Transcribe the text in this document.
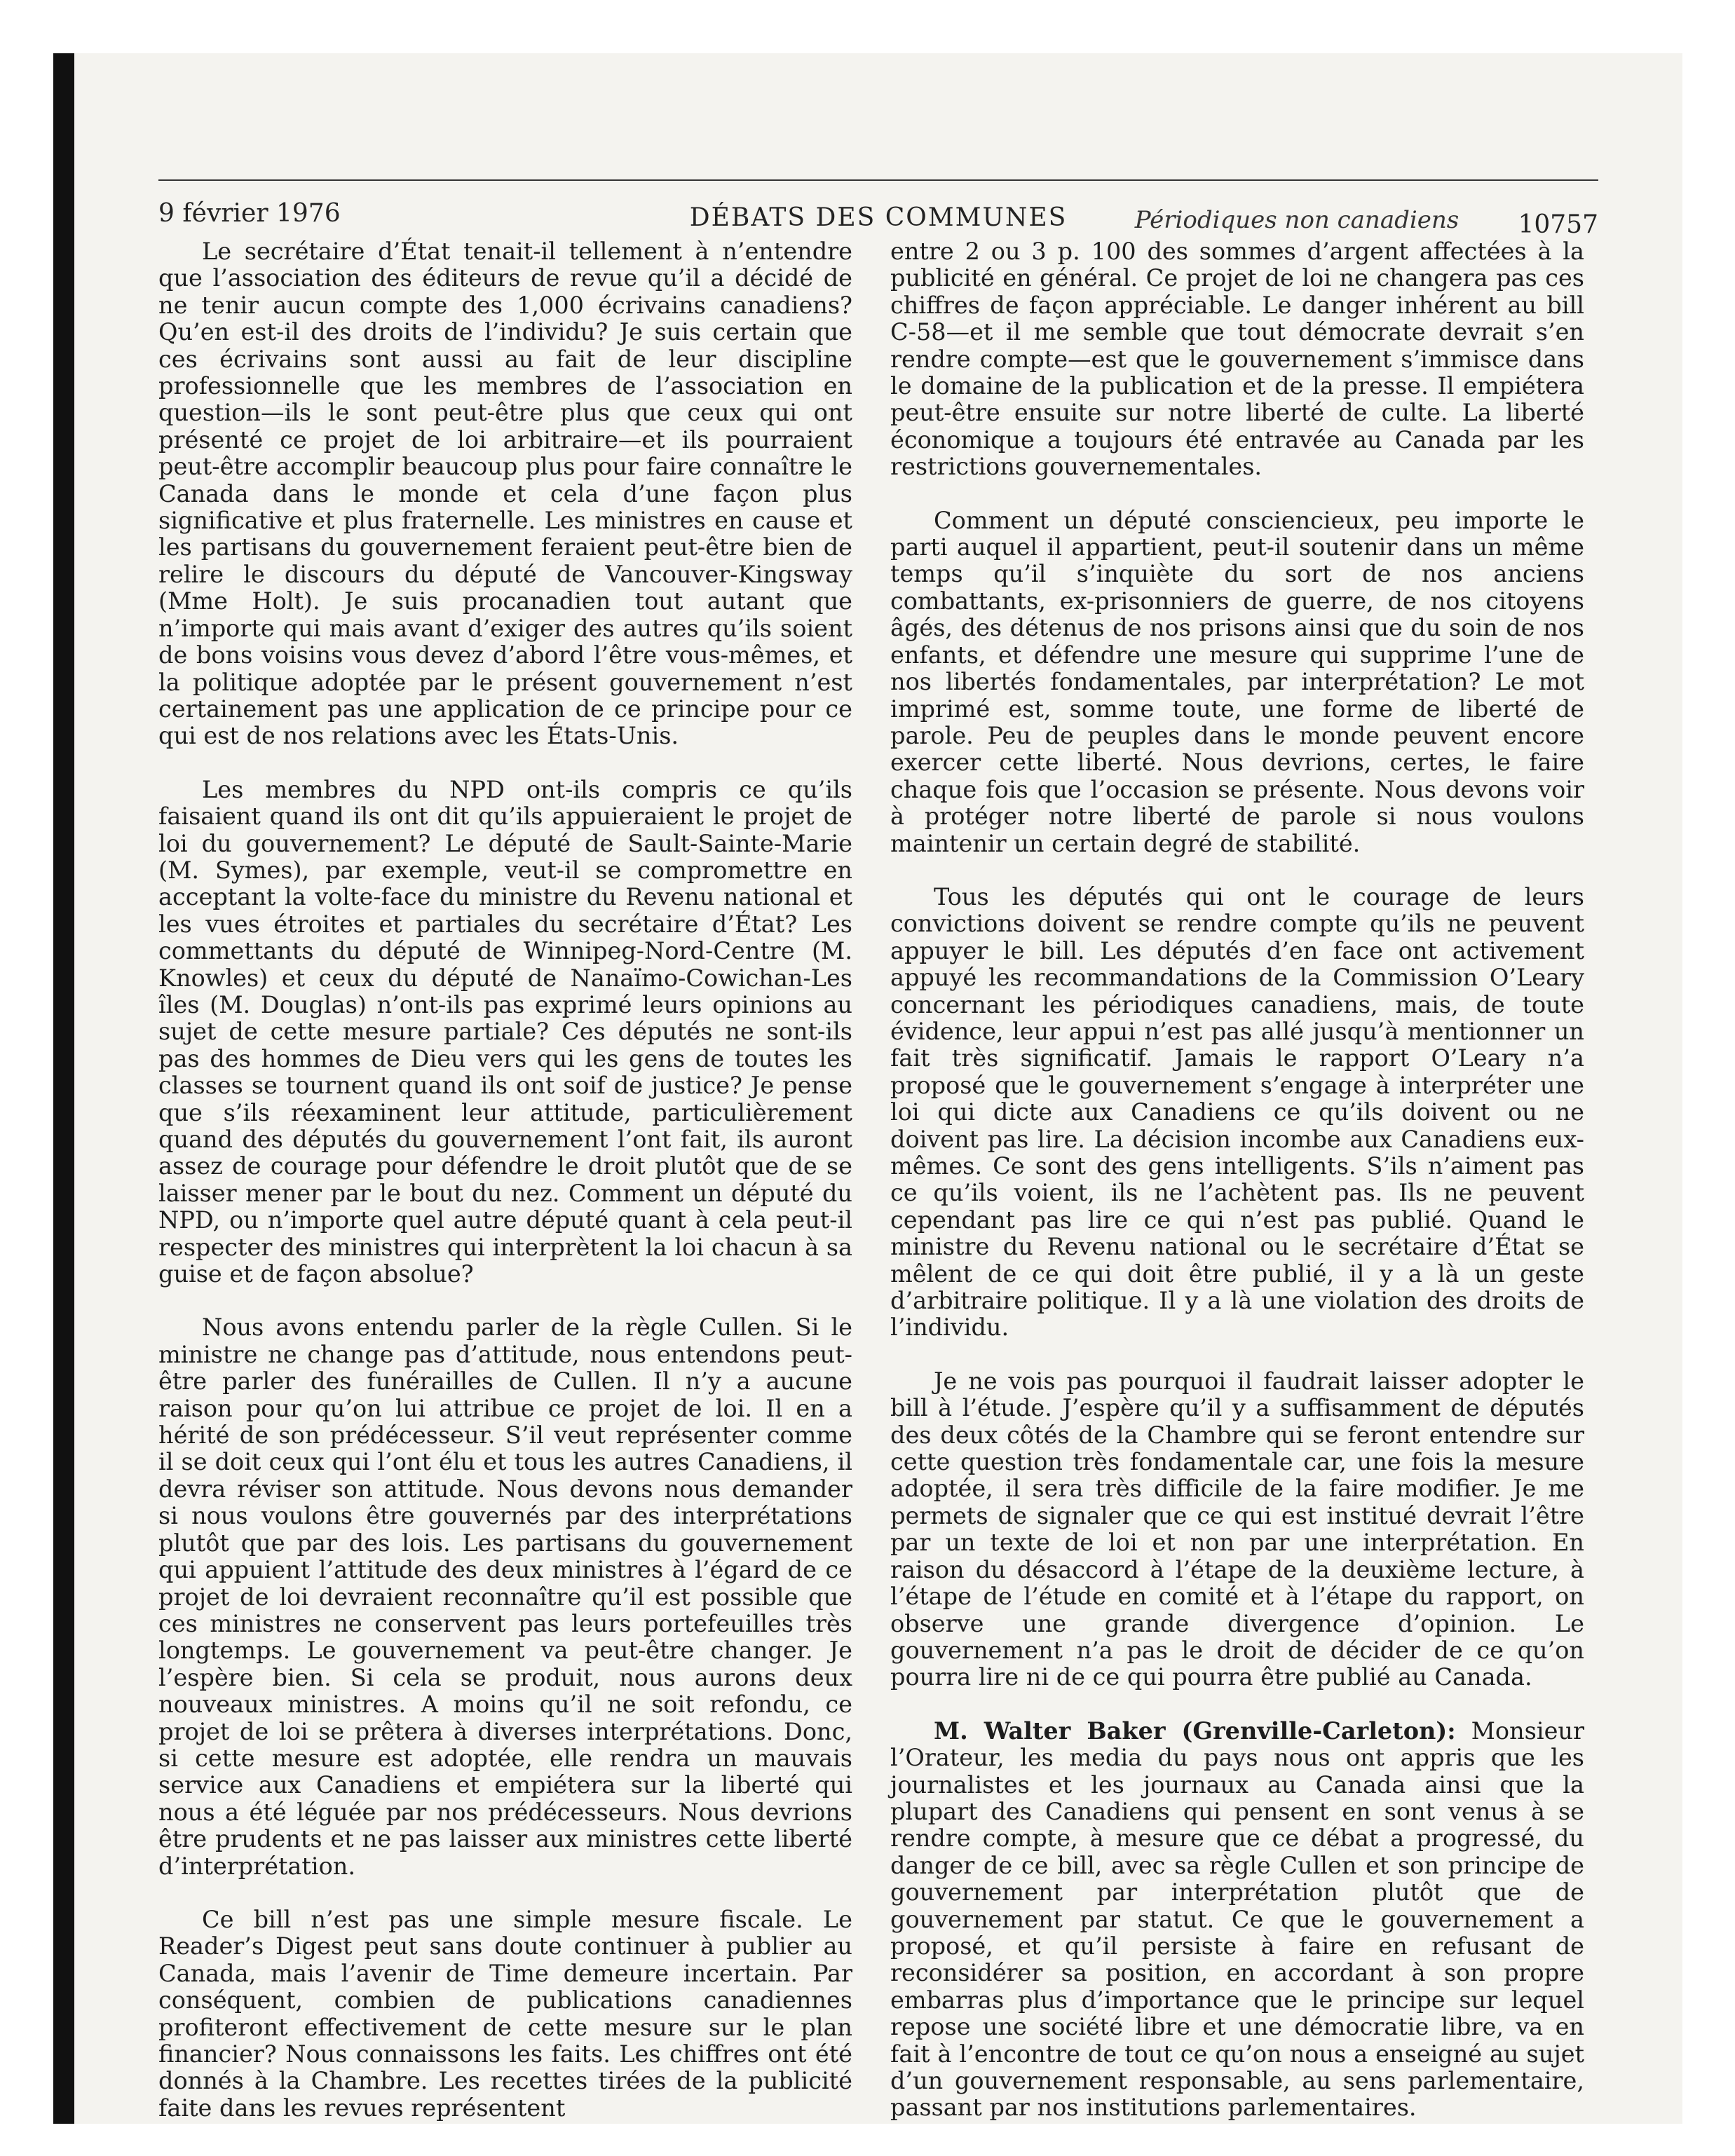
9 février 1976	DÉBATS DES COMMUNES	10757
Périodiques non canadiens

Le secrétaire d’État tenait-il tellement à n’entendre que l’association des éditeurs de revue qu’il a décidé de ne tenir aucun compte des 1,000 écrivains canadiens? Qu’en est-il des droits de l’individu? Je suis certain que ces écrivains sont aussi au fait de leur discipline professionnelle que les membres de l’association en question—ils le sont peut-être plus que ceux qui ont présenté ce projet de loi arbitraire—et ils pourraient peut-être accomplir beaucoup plus pour faire connaître le Canada dans le monde et cela d’une façon plus significative et plus fraternelle. Les ministres en cause et les partisans du gouvernement feraient peut-être bien de relire le discours du député de Vancouver-Kingsway (Mme Holt). Je suis procanadien tout autant que n’importe qui mais avant d’exiger des autres qu’ils soient de bons voisins vous devez d’abord l’être vous-mêmes, et la politique adoptée par le présent gouvernement n’est certainement pas une application de ce principe pour ce qui est de nos relations avec les États-Unis.

Les membres du NPD ont-ils compris ce qu’ils faisaient quand ils ont dit qu’ils appuieraient le projet de loi du gouvernement? Le député de Sault-Sainte-Marie (M. Symes), par exemple, veut-il se compromettre en acceptant la volte-face du ministre du Revenu national et les vues étroites et partiales du secrétaire d’État? Les commettants du député de Winnipeg-Nord-Centre (M. Knowles) et ceux du député de Nanaïmo-Cowichan-Les îles (M. Douglas) n’ont-ils pas exprimé leurs opinions au sujet de cette mesure partiale? Ces députés ne sont-ils pas des hommes de Dieu vers qui les gens de toutes les classes se tournent quand ils ont soif de justice? Je pense que s’ils réexaminent leur attitude, particulièrement quand des députés du gouvernement l’ont fait, ils auront assez de courage pour défendre le droit plutôt que de se laisser mener par le bout du nez. Comment un député du NPD, ou n’importe quel autre député quant à cela peut-il respecter des ministres qui interprètent la loi chacun à sa guise et de façon absolue?

Nous avons entendu parler de la règle Cullen. Si le ministre ne change pas d’attitude, nous entendons peut-être parler des funérailles de Cullen. Il n’y a aucune raison pour qu’on lui attribue ce projet de loi. Il en a hérité de son prédécesseur. S’il veut représenter comme il se doit ceux qui l’ont élu et tous les autres Canadiens, il devra réviser son attitude. Nous devons nous demander si nous voulons être gouvernés par des interprétations plutôt que par des lois. Les partisans du gouvernement qui appuient l’attitude des deux ministres à l’égard de ce projet de loi devraient reconnaître qu’il est possible que ces ministres ne conservent pas leurs portefeuilles très longtemps. Le gouvernement va peut-être changer. Je l’espère bien. Si cela se produit, nous aurons deux nouveaux ministres. A moins qu’il ne soit refondu, ce projet de loi se prêtera à diverses interprétations. Donc, si cette mesure est adoptée, elle rendra un mauvais service aux Canadiens et empiétera sur la liberté qui nous a été léguée par nos prédécesseurs. Nous devrions être prudents et ne pas laisser aux ministres cette liberté d’interprétation.

Ce bill n’est pas une simple mesure fiscale. Le Reader’s Digest peut sans doute continuer à publier au Canada, mais l’avenir de Time demeure incertain. Par conséquent, combien de publications canadiennes profiteront effectivement de cette mesure sur le plan financier? Nous connaissons les faits. Les chiffres ont été donnés à la Chambre. Les recettes tirées de la publicité faite dans les revues représentent

entre 2 ou 3 p. 100 des sommes d’argent affectées à la publicité en général. Ce projet de loi ne changera pas ces chiffres de façon appréciable. Le danger inhérent au bill C-58—et il me semble que tout démocrate devrait s’en rendre compte—est que le gouvernement s’immisce dans le domaine de la publication et de la presse. Il empiétera peut-être ensuite sur notre liberté de culte. La liberté économique a toujours été entravée au Canada par les restrictions gouvernementales.

Comment un député consciencieux, peu importe le parti auquel il appartient, peut-il soutenir dans un même temps qu’il s’inquiète du sort de nos anciens combattants, ex-prisonniers de guerre, de nos citoyens âgés, des détenus de nos prisons ainsi que du soin de nos enfants, et défendre une mesure qui supprime l’une de nos libertés fondamentales, par interprétation? Le mot imprimé est, somme toute, une forme de liberté de parole. Peu de peuples dans le monde peuvent encore exercer cette liberté. Nous devrions, certes, le faire chaque fois que l’occasion se présente. Nous devons voir à protéger notre liberté de parole si nous voulons maintenir un certain degré de stabilité.

Tous les députés qui ont le courage de leurs convictions doivent se rendre compte qu’ils ne peuvent appuyer le bill. Les députés d’en face ont activement appuyé les recommandations de la Commission O’Leary concernant les périodiques canadiens, mais, de toute évidence, leur appui n’est pas allé jusqu’à mentionner un fait très significatif. Jamais le rapport O’Leary n’a proposé que le gouvernement s’engage à interpréter une loi qui dicte aux Canadiens ce qu’ils doivent ou ne doivent pas lire. La décision incombe aux Canadiens eux-mêmes. Ce sont des gens intelligents. S’ils n’aiment pas ce qu’ils voient, ils ne l’achètent pas. Ils ne peuvent cependant pas lire ce qui n’est pas publié. Quand le ministre du Revenu national ou le secrétaire d’État se mêlent de ce qui doit être publié, il y a là un geste d’arbitraire politique. Il y a là une violation des droits de l’individu.

Je ne vois pas pourquoi il faudrait laisser adopter le bill à l’étude. J’espère qu’il y a suffisamment de députés des deux côtés de la Chambre qui se feront entendre sur cette question très fondamentale car, une fois la mesure adoptée, il sera très difficile de la faire modifier. Je me permets de signaler que ce qui est institué devrait l’être par un texte de loi et non par une interprétation. En raison du désaccord à l’étape de la deuxième lecture, à l’étape de l’étude en comité et à l’étape du rapport, on observe une grande divergence d’opinion. Le gouvernement n’a pas le droit de décider de ce qu’on pourra lire ni de ce qui pourra être publié au Canada.

M. Walter Baker (Grenville-Carleton): Monsieur l’Orateur, les media du pays nous ont appris que les journalistes et les journaux au Canada ainsi que la plupart des Canadiens qui pensent en sont venus à se rendre compte, à mesure que ce débat a progressé, du danger de ce bill, avec sa règle Cullen et son principe de gouvernement par interprétation plutôt que de gouvernement par statut. Ce que le gouvernement a proposé, et qu’il persiste à faire en refusant de reconsidérer sa position, en accordant à son propre embarras plus d’importance que le principe sur lequel repose une société libre et une démocratie libre, va en fait à l’encontre de tout ce qu’on nous a enseigné au sujet d’un gouvernement responsable, au sens parlementaire, passant par nos institutions parlementaires.
